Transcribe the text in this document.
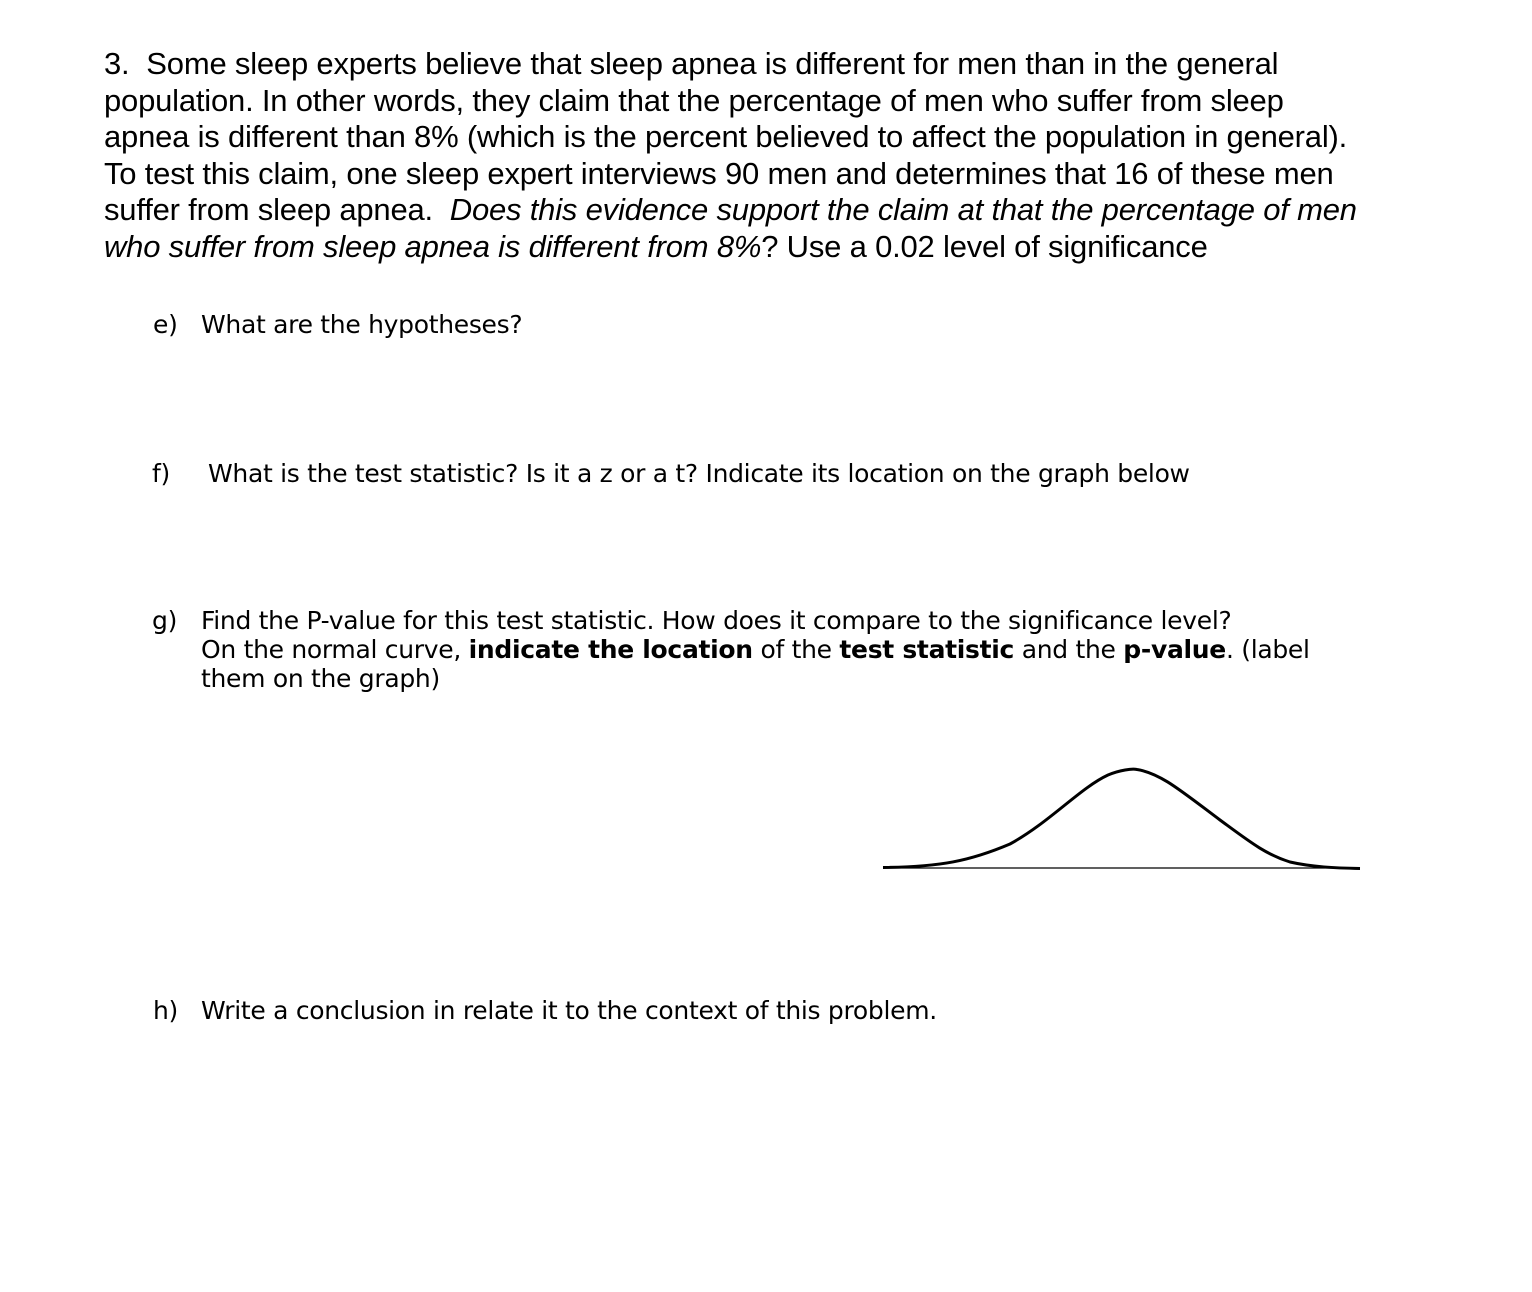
3. Some sleep experts believe that sleep apnea is different for men than in the general population. In other words, they claim that the percentage of men who suffer from sleep apnea is different than 8% (which is the percent believed to affect the population in general). To test this claim, one sleep expert interviews 90 men and determines that 16 of these men suffer from sleep apnea. Does this evidence support the claim at that the percentage of men who suffer from sleep apnea is different from 8%? Use a 0.02 level of significance

e) What are the hypotheses?
f) What is the test statistic? Is it a z or a t? Indicate its location on the graph below
g) Find the P-value for this test statistic. How does it compare to the significance level?
On the normal curve, indicate the location of the test statistic and the p-value. (label
them on the graph)
h) Write a conclusion in relate it to the context of this problem.
